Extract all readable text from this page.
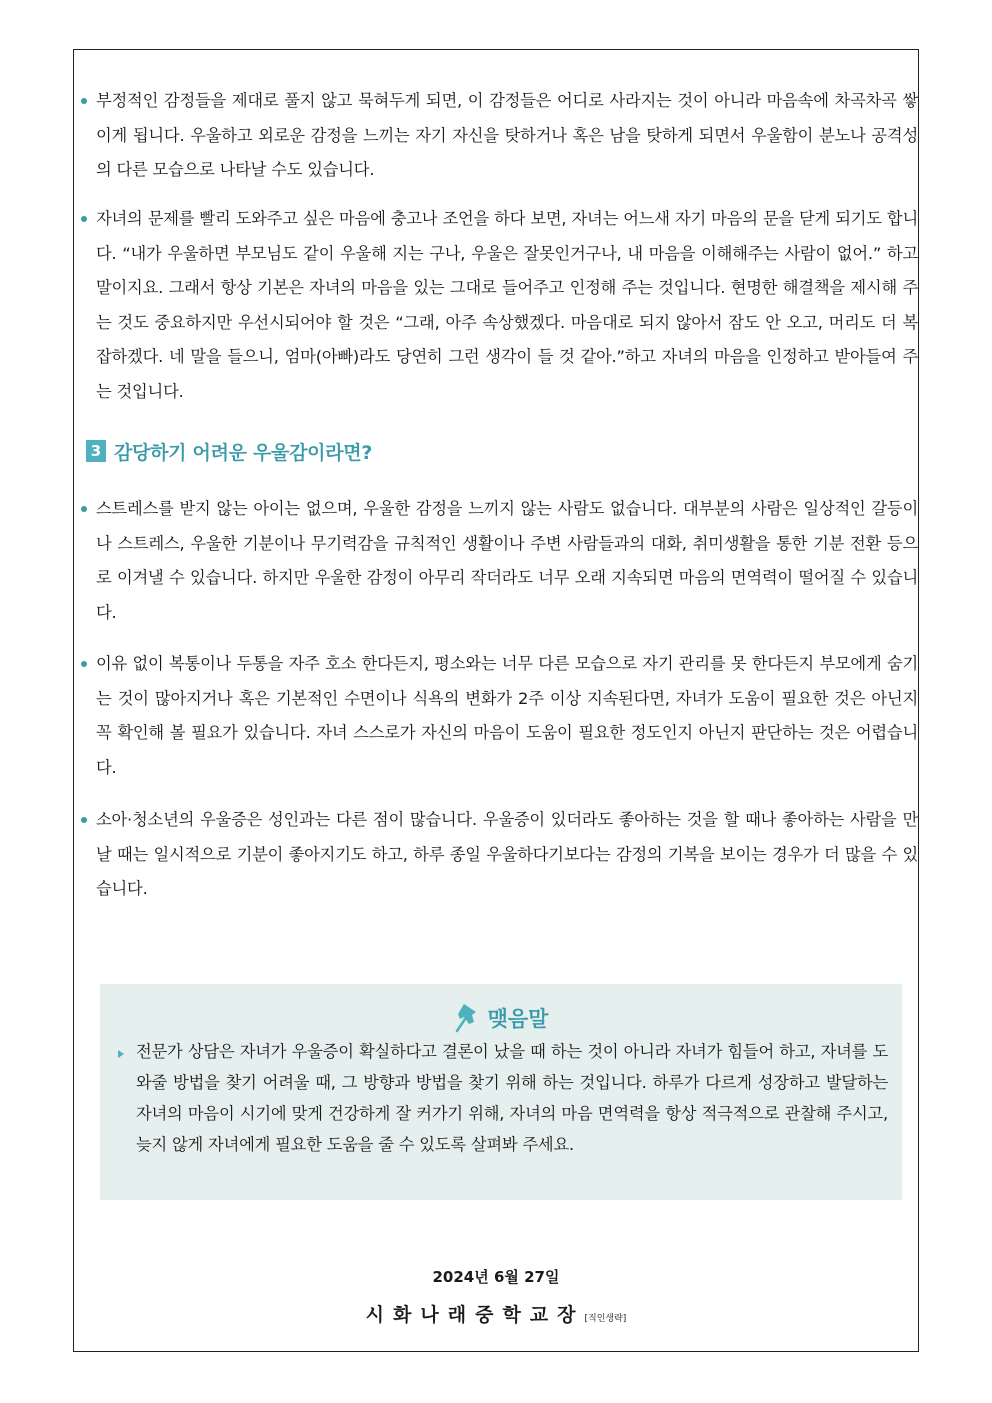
부정적인 감정들을 제대로 풀지 않고 묵혀두게 되면, 이 감정들은 어디로 사라지는 것이 아니라 마음속에 차곡차곡 쌓이게 됩니다. 우울하고 외로운 감정을 느끼는 자기 자신을 탓하거나 혹은 남을 탓하게 되면서 우울함이 분노나 공격성의 다른 모습으로 나타날 수도 있습니다.
자녀의 문제를 빨리 도와주고 싶은 마음에 충고나 조언을 하다 보면, 자녀는 어느새 자기 마음의 문을 닫게 되기도 합니다. “내가 우울하면 부모님도 같이 우울해 지는 구나, 우울은 잘못인거구나, 내 마음을 이해해주는 사람이 없어.” 하고 말이지요. 그래서 항상 기본은 자녀의 마음을 있는 그대로 들어주고 인정해 주는 것입니다. 현명한 해결책을 제시해 주는 것도 중요하지만 우선시되어야 할 것은 “그래, 아주 속상했겠다. 마음대로 되지 않아서 잠도 안 오고, 머리도 더 복잡하겠다. 네 말을 들으니, 엄마(아빠)라도 당연히 그런 생각이 들 것 같아.”하고 자녀의 마음을 인정하고 받아들여 주는 것입니다.
3 감당하기 어려운 우울감이라면?
스트레스를 받지 않는 아이는 없으며, 우울한 감정을 느끼지 않는 사람도 없습니다. 대부분의 사람은 일상적인 갈등이나 스트레스, 우울한 기분이나 무기력감을 규칙적인 생활이나 주변 사람들과의 대화, 취미생활을 통한 기분 전환 등으로 이겨낼 수 있습니다. 하지만 우울한 감정이 아무리 작더라도 너무 오래 지속되면 마음의 면역력이 떨어질 수 있습니다.
이유 없이 복통이나 두통을 자주 호소 한다든지, 평소와는 너무 다른 모습으로 자기 관리를 못 한다든지 부모에게 숨기는 것이 많아지거나 혹은 기본적인 수면이나 식욕의 변화가 2주 이상 지속된다면, 자녀가 도움이 필요한 것은 아닌지 꼭 확인해 볼 필요가 있습니다. 자녀 스스로가 자신의 마음이 도움이 필요한 정도인지 아닌지 판단하는 것은 어렵습니다.
소아·청소년의 우울증은 성인과는 다른 점이 많습니다. 우울증이 있더라도 좋아하는 것을 할 때나 좋아하는 사람을 만날 때는 일시적으로 기분이 좋아지기도 하고, 하루 종일 우울하다기보다는 감정의 기복을 보이는 경우가 더 많을 수 있습니다.
맺음말
전문가 상담은 자녀가 우울증이 확실하다고 결론이 났을 때 하는 것이 아니라 자녀가 힘들어 하고, 자녀를 도와줄 방법을 찾기 어려울 때, 그 방향과 방법을 찾기 위해 하는 것입니다. 하루가 다르게 성장하고 발달하는 자녀의 마음이 시기에 맞게 건강하게 잘 커가기 위해, 자녀의 마음 면역력을 항상 적극적으로 관찰해 주시고, 늦지 않게 자녀에게 필요한 도움을 줄 수 있도록 살펴봐 주세요.
2024년 6월 27일
시화나래중학교장[직인생략]
